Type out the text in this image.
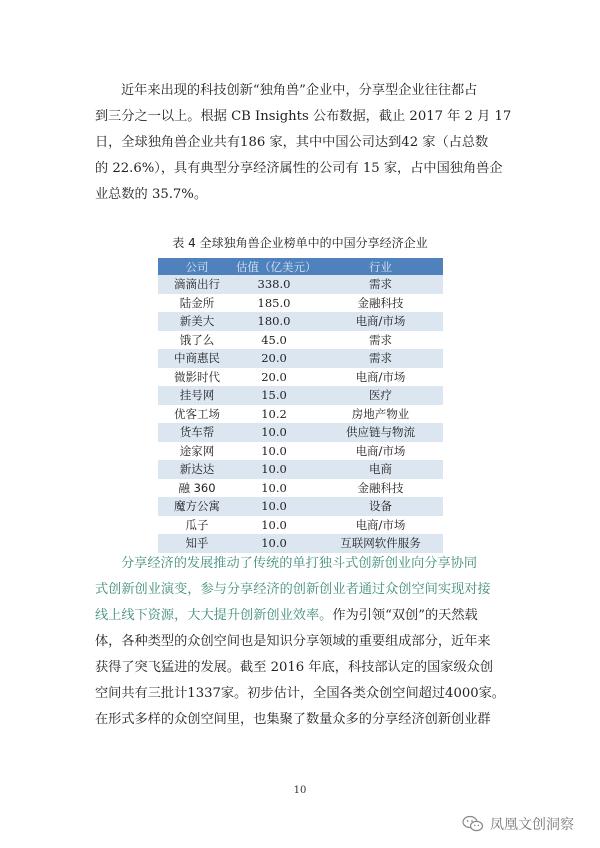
近年来出现的科技创新“独角兽”企业中，分享型企业往往都占
到三分之一以上。根据 CB Insights 公布数据，截止 2017 年 2 月 17
日，全球独角兽企业共有186 家，其中中国公司达到42 家（占总数
的 22.6%），具有典型分享经济属性的公司有 15 家，占中国独角兽企
业总数的 35.7%。
表 4 全球独角兽企业榜单中的中国分享经济企业
公司	估值（亿美元）	行业
滴滴出行	338.0	需求
陆金所	185.0	金融科技
新美大	180.0	电商/市场
饿了么	45.0	需求
中商惠民	20.0	需求
微影时代	20.0	电商/市场
挂号网	15.0	医疗
优客工场	10.2	房地产物业
货车帮	10.0	供应链与物流
途家网	10.0	电商/市场
新达达	10.0	电商
融 360	10.0	金融科技
魔方公寓	10.0	设备
瓜子	10.0	电商/市场
知乎	10.0	互联网软件服务
分享经济的发展推动了传统的单打独斗式创新创业向分享协同
式创新创业演变，参与分享经济的创新创业者通过众创空间实现对接
线上线下资源，大大提升创新创业效率。作为引领“双创”的天然载
体，各种类型的众创空间也是知识分享领域的重要组成部分，近年来
获得了突飞猛进的发展。截至 2016 年底，科技部认定的国家级众创
空间共有三批计1337家。初步估计，全国各类众创空间超过4000家。
在形式多样的众创空间里，也集聚了数量众多的分享经济创新创业群
10
凤凰文创洞察
